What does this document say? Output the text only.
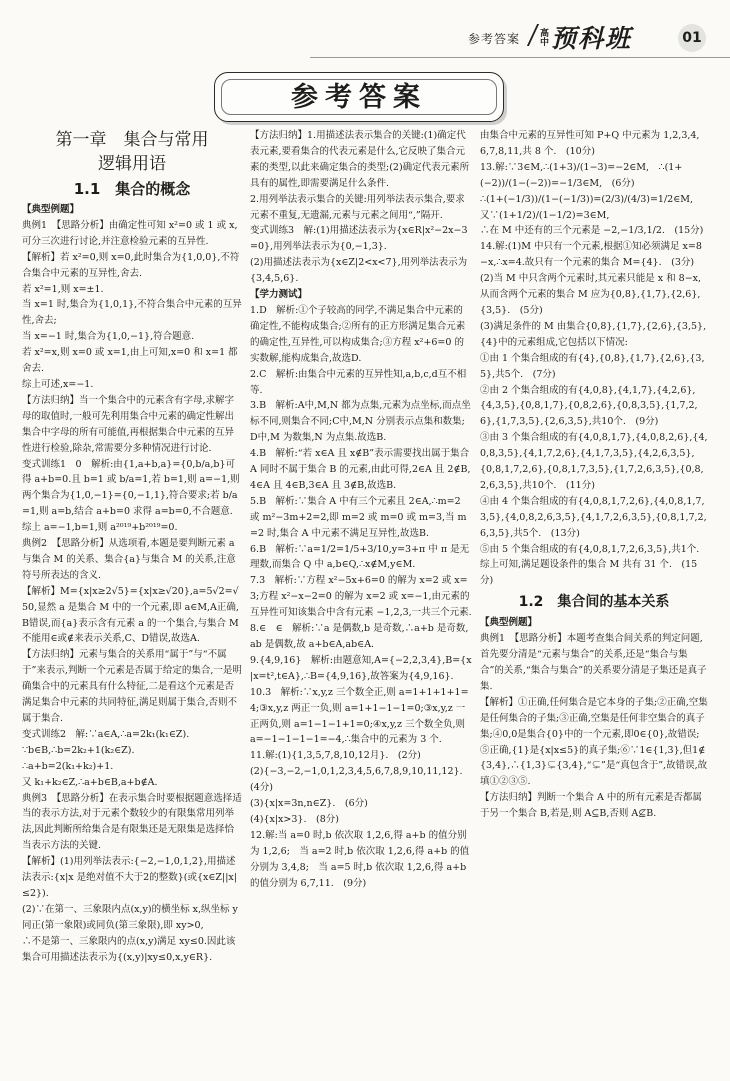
参考答案 高中 预科班	01
参考答案
第一章　集合与常用
逻辑用语
1.1　集合的概念

【典型例题】

典例1　【思路分析】由确定性可知 x²=0 或 1 或 x,可分三次进行讨论,并注意检验元素的互异性.

【解析】若 x²=0,则 x=0,此时集合为{1,0,0},不符合集合中元素的互异性,舍去.

若 x²=1,则 x=±1.

当 x=1 时,集合为{1,0,1},不符合集合中元素的互异性,舍去;

当 x=−1 时,集合为{1,0,−1},符合题意.

若 x²=x,则 x=0 或 x=1,由上可知,x=0 和 x=1 都舍去.

综上可述,x=−1.

【方法归纳】当一个集合中的元素含有字母,求解字母的取值时,一般可先利用集合中元素的确定性解出集合中字母的所有可能值,再根据集合中元素的互异性进行检验,除杂,常需要分多种情况进行讨论.

变式训练1　0　解析:由{1,a+b,a}={0,b/a,b}可得 a+b=0.且 b=1 或 b/a=1,若 b=1,则 a=−1,则两个集合为{1,0,−1}={0,−1,1},符合要求;若 b/a=1,则 a=b,结合 a+b=0 求得 a=b=0,不合题意.综上 a=−1,b=1,则 a²⁰¹⁹+b²⁰¹⁹=0.

典例2　【思路分析】从选项看,本题是要判断元素 a 与集合 M 的关系、集合{a}与集合 M 的关系,注意符号所表达的含义.

【解析】M={x|x≥2√5}={x|x≥√20},a=5√2=√50,显然 a 是集合 M 中的一个元素,即 a∈M,A正确,B错误,而{a}表示含有元素 a 的一个集合,与集合 M 不能用∈或∉来表示关系,C、D错误,故选A.

【方法归纳】元素与集合的关系用“属于”与“不属于”来表示,判断一个元素是否属于给定的集合,一是明确集合中的元素具有什么特征,二是看这个元素是否满足集合中元素的共同特征,满足则属于集合,否则不属于集合.

变式训练2　解:∵a∈A,∴a=2k₁(k₁∈Z).

∵b∈B,∴b=2k₂+1(k₂∈Z).

∴a+b=2(k₁+k₂)+1.

又 k₁+k₂∈Z,∴a+b∈B,a+b∉A.

典例3　【思路分析】在表示集合时要根据题意选择适当的表示方法,对于元素个数较少的有限集常用列举法,因此判断所给集合是有限集还是无限集是选择恰当表示方法的关键.

【解析】(1)用列举法表示:{−2,−1,0,1,2},用描述法表示:{x|x 是绝对值不大于2的整数}(或{x∈Z||x|≤2}).

(2)∵在第一、三象限内点(x,y)的横坐标 x,纵坐标 y 同正(第一象限)或同负(第三象限),即 xy>0,

∴不是第一、三象限内的点(x,y)满足 xy≤0.因此该集合可用描述法表示为{(x,y)|xy≤0,x,y∈R}.

【方法归纳】1.用描述法表示集合的关键:(1)确定代表元素,要看集合的代表元素是什么,它反映了集合元素的类型,以此来确定集合的类型;(2)确定代表元素所具有的属性,即需要满足什么条件.

2.用列举法表示集合的关键:用列举法表示集合,要求元素不重复,无遗漏,元素与元素之间用“,”隔开.

变式训练3　解:(1)用描述法表示为{x∈R|x²−2x−3=0},用列举法表示为{0,−1,3}.

(2)用描述法表示为{x∈Z|2<x<7},用列举法表示为{3,4,5,6}.

【学力测试】

1.D　解析:①个子较高的同学,不满足集合中元素的确定性,不能构成集合;②所有的正方形满足集合元素的确定性,互异性,可以构成集合;③方程 x²+6=0 的实数解,能构成集合,故选D.

2.C　解析:由集合中元素的互异性知,a,b,c,d互不相等.

3.B　解析:A中,M,N 都为点集,元素为点坐标,而点坐标不同,则集合不同;C中,M,N 分别表示点集和数集;D中,M 为数集,N 为点集.故选B.

4.B　解析:“若 x∈A 且 x∉B”表示需要找出属于集合 A 同时不属于集合 B 的元素,由此可得,2∈A 且 2∉B,4∈A 且 4∈B,3∈A 且 3∉B,故选B.

5.B　解析:∵集合 A 中有三个元素且 2∈A,∴m=2 或 m²−3m+2=2,即 m=2 或 m=0 或 m=3,当 m=2 时,集合 A 中元素不满足互异性,故选B.

6.B　解析:∵a=1/2=1/5+3/10,y=3+π 中 π 是无理数,而集合 Q 中 a,b∈Q,∴x∉M,y∈M.

7.3　解析:∵方程 x²−5x+6=0 的解为 x=2 或 x=3;方程 x²−x−2=0 的解为 x=2 或 x=−1,由元素的互异性可知该集合中含有元素 −1,2,3,一共三个元素.

8.∈　∈　解析:∵a 是偶数,b 是奇数,∴a+b 是奇数,ab 是偶数,故 a+b∈A,ab∈A.

9.{4,9,16}　解析:由题意知,A={−2,2,3,4},B={x|x=t²,t∈A},∴B={4,9,16},故答案为{4,9,16}.

10.3　解析:∵x,y,z 三个数全正,则 a=1+1+1+1=4;③x,y,z 两正一负,则 a=1+1−1−1=0;③x,y,z 一正两负,则 a=1−1−1+1=0;④x,y,z 三个数全负,则 a=−1−1−1−1=−4,∴集合中的元素为 3 个.

11.解:(1){1,3,5,7,8,10,12月}.　(2分)

(2){−3,−2,−1,0,1,2,3,4,5,6,7,8,9,10,11,12}.　(4分)

(3){x|x=3n,n∈Z}.　(6分)

(4){x|x>3}.　(8分)

12.解:当 a=0 时,b 依次取 1,2,6,得 a+b 的值分别为 1,2,6;　当 a=2 时,b 依次取 1,2,6,得 a+b 的值分别为 3,4,8;　当 a=5 时,b 依次取 1,2,6,得 a+b 的值分别为 6,7,11.　(9分)

由集合中元素的互异性可知 P+Q 中元素为 1,2,3,4,6,7,8,11,共 8 个.　(10分)

13.解:∵3∈M,∴(1+3)/(1−3)=−2∈M,　∴(1+(−2))/(1−(−2))=−1/3∈M,　(6分)

∴(1+(−1/3))/(1−(−1/3))=(2/3)/(4/3)=1/2∈M,

又∵(1+1/2)/(1−1/2)=3∈M,

∴在 M 中还有的三个元素是 −2,−1/3,1/2.　(15分)

14.解:(1)M 中只有一个元素,根据①知必须满足 x=8−x,∴x=4.故只有一个元素的集合 M={4}.　(3分)

(2)当 M 中只含两个元素时,其元素只能是 x 和 8−x,从而含两个元素的集合 M 应为{0,8},{1,7},{2,6},{3,5}.　(5分)

(3)满足条件的 M 由集合{0,8},{1,7},{2,6},{3,5},{4}中的元素组成,它包括以下情况:

①由 1 个集合组成的有{4},{0,8},{1,7},{2,6},{3,5},共5个.　(7分)

②由 2 个集合组成的有{4,0,8},{4,1,7},{4,2,6},{4,3,5},{0,8,1,7},{0,8,2,6},{0,8,3,5},{1,7,2,6},{1,7,3,5},{2,6,3,5},共10个.　(9分)

③由 3 个集合组成的有{4,0,8,1,7},{4,0,8,2,6},{4,0,8,3,5},{4,1,7,2,6},{4,1,7,3,5},{4,2,6,3,5},{0,8,1,7,2,6},{0,8,1,7,3,5},{1,7,2,6,3,5},{0,8,2,6,3,5},共10个.　(11分)

④由 4 个集合组成的有{4,0,8,1,7,2,6},{4,0,8,1,7,3,5},{4,0,8,2,6,3,5},{4,1,7,2,6,3,5},{0,8,1,7,2,6,3,5},共5个.　(13分)

⑤由 5 个集合组成的有{4,0,8,1,7,2,6,3,5},共1个.

综上可知,满足题设条件的集合 M 共有 31 个.　(15分)

1.2　集合间的基本关系

【典型例题】

典例1　【思路分析】本题考查集合间关系的判定问题,首先要分清是“元素与集合”的关系,还是“集合与集合”的关系,“集合与集合”的关系要分清是子集还是真子集.

【解析】①正确,任何集合是它本身的子集;②正确,空集是任何集合的子集;③正确,空集是任何非空集合的真子集;④0,0是集合{0}中的一个元素,即0∈{0},故错误;⑤正确,{1}是{x|x≤5}的真子集;⑥∵1∈{1,3},但1∉{3,4},∴{1,3}⊊{3,4},“⊊”是“真包含于”,故错误,故填①②③⑤.

【方法归纳】判断一个集合 A 中的所有元素是否都属于另一个集合 B,若是,则 A⊆B,否则 A⊈B.
